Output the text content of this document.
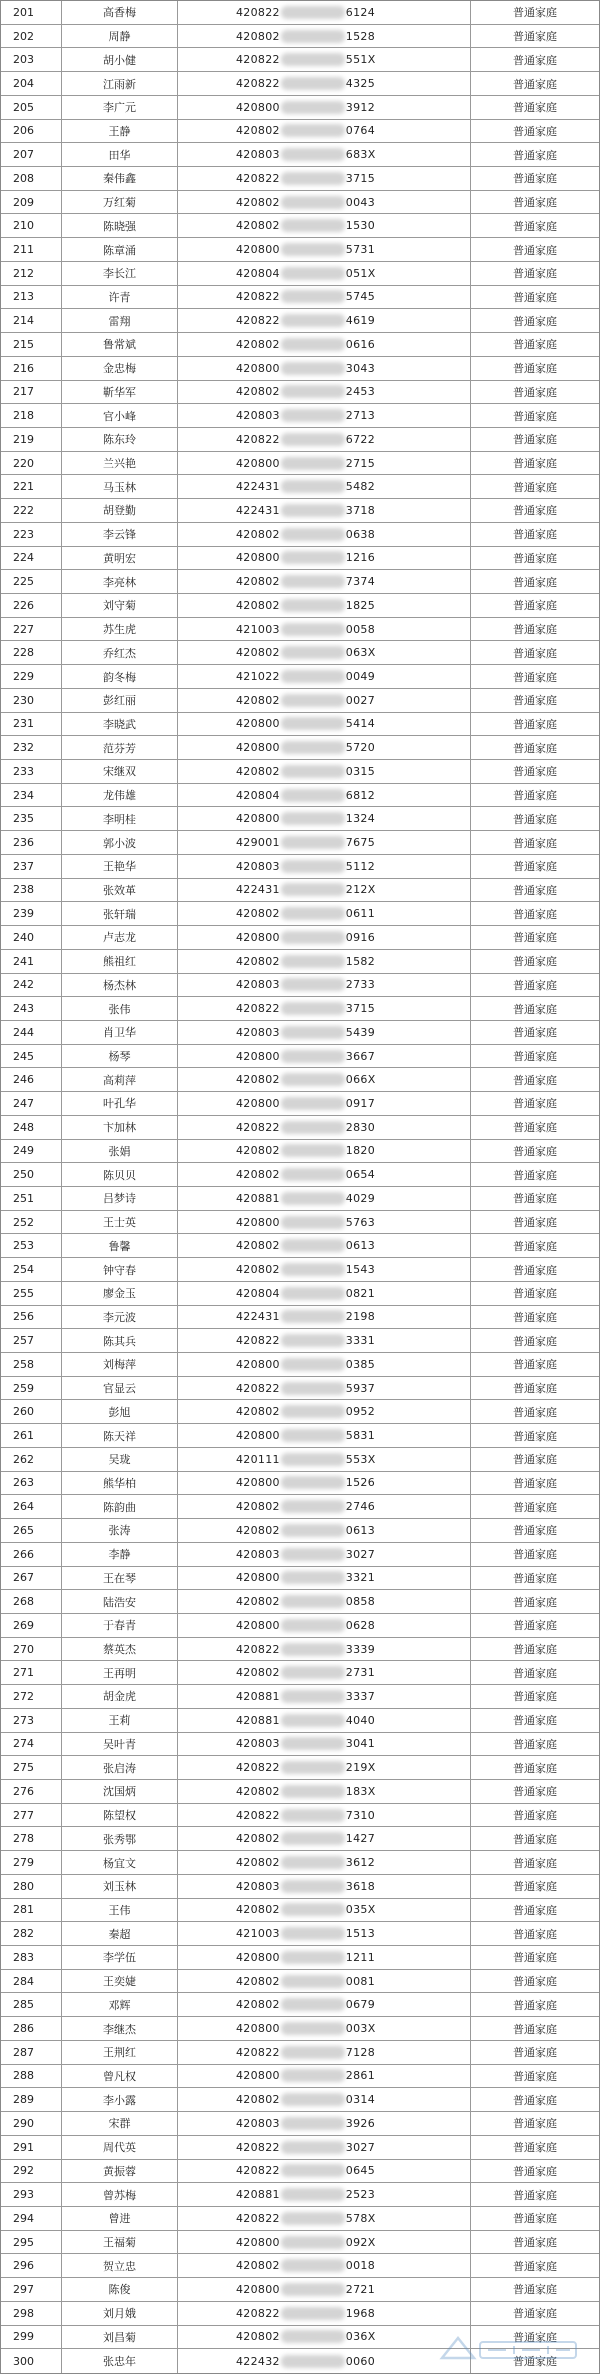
201	高香梅	420822	6124	普通家庭
202	周静	420802	1528	普通家庭
203	胡小健	420822	551X	普通家庭
204	江雨新	420822	4325	普通家庭
205	李广元	420800	3912	普通家庭
206	王静	420802	0764	普通家庭
207	田华	420803	683X	普通家庭
208	秦伟鑫	420822	3715	普通家庭
209	万红菊	420802	0043	普通家庭
210	陈晓强	420802	1530	普通家庭
211	陈章涌	420800	5731	普通家庭
212	李长江	420804	051X	普通家庭
213	许青	420822	5745	普通家庭
214	雷翔	420822	4619	普通家庭
215	鲁常斌	420802	0616	普通家庭
216	金忠梅	420800	3043	普通家庭
217	靳华军	420802	2453	普通家庭
218	官小峰	420803	2713	普通家庭
219	陈东玲	420822	6722	普通家庭
220	兰兴艳	420800	2715	普通家庭
221	马玉林	422431	5482	普通家庭
222	胡登勤	422431	3718	普通家庭
223	李云锋	420802	0638	普通家庭
224	黄明宏	420800	1216	普通家庭
225	李亮林	420802	7374	普通家庭
226	刘守菊	420802	1825	普通家庭
227	苏生虎	421003	0058	普通家庭
228	乔红杰	420802	063X	普通家庭
229	韵冬梅	421022	0049	普通家庭
230	彭红丽	420802	0027	普通家庭
231	李晓武	420800	5414	普通家庭
232	范芬芳	420800	5720	普通家庭
233	宋继双	420802	0315	普通家庭
234	龙伟雄	420804	6812	普通家庭
235	李明桂	420800	1324	普通家庭
236	郭小波	429001	7675	普通家庭
237	王艳华	420803	5112	普通家庭
238	张效革	422431	212X	普通家庭
239	张轩瑞	420802	0611	普通家庭
240	卢志龙	420800	0916	普通家庭
241	熊祖红	420802	1582	普通家庭
242	杨杰林	420803	2733	普通家庭
243	张伟	420822	3715	普通家庭
244	肖卫华	420803	5439	普通家庭
245	杨琴	420800	3667	普通家庭
246	高莉萍	420802	066X	普通家庭
247	叶孔华	420800	0917	普通家庭
248	卞加林	420822	2830	普通家庭
249	张娟	420802	1820	普通家庭
250	陈贝贝	420802	0654	普通家庭
251	吕梦诗	420881	4029	普通家庭
252	王士英	420800	5763	普通家庭
253	鲁馨	420802	0613	普通家庭
254	钟守春	420802	1543	普通家庭
255	廖金玉	420804	0821	普通家庭
256	李元波	422431	2198	普通家庭
257	陈其兵	420822	3331	普通家庭
258	刘梅萍	420800	0385	普通家庭
259	官显云	420822	5937	普通家庭
260	彭旭	420802	0952	普通家庭
261	陈天祥	420800	5831	普通家庭
262	吴珑	420111	553X	普通家庭
263	熊华柏	420800	1526	普通家庭
264	陈韵曲	420802	2746	普通家庭
265	张涛	420802	0613	普通家庭
266	李静	420803	3027	普通家庭
267	王在琴	420800	3321	普通家庭
268	陆浩安	420802	0858	普通家庭
269	于春青	420800	0628	普通家庭
270	蔡英杰	420822	3339	普通家庭
271	王再明	420802	2731	普通家庭
272	胡金虎	420881	3337	普通家庭
273	王莉	420881	4040	普通家庭
274	吴叶青	420803	3041	普通家庭
275	张启涛	420822	219X	普通家庭
276	沈国炳	420802	183X	普通家庭
277	陈望权	420822	7310	普通家庭
278	张秀鄂	420802	1427	普通家庭
279	杨宜文	420802	3612	普通家庭
280	刘玉林	420803	3618	普通家庭
281	王伟	420802	035X	普通家庭
282	秦超	421003	1513	普通家庭
283	李学伍	420800	1211	普通家庭
284	王奕婕	420802	0081	普通家庭
285	邓辉	420802	0679	普通家庭
286	李继杰	420800	003X	普通家庭
287	王荆红	420822	7128	普通家庭
288	曾凡权	420800	2861	普通家庭
289	李小露	420802	0314	普通家庭
290	宋群	420803	3926	普通家庭
291	周代英	420822	3027	普通家庭
292	黄振蓉	420822	0645	普通家庭
293	曾苏梅	420881	2523	普通家庭
294	曾进	420822	578X	普通家庭
295	王福菊	420800	092X	普通家庭
296	贺立忠	420802	0018	普通家庭
297	陈俊	420800	2721	普通家庭
298	刘月娥	420822	1968	普通家庭
299	刘昌菊	420802	036X	普通家庭
300	张忠年	422432	0060	普通家庭
